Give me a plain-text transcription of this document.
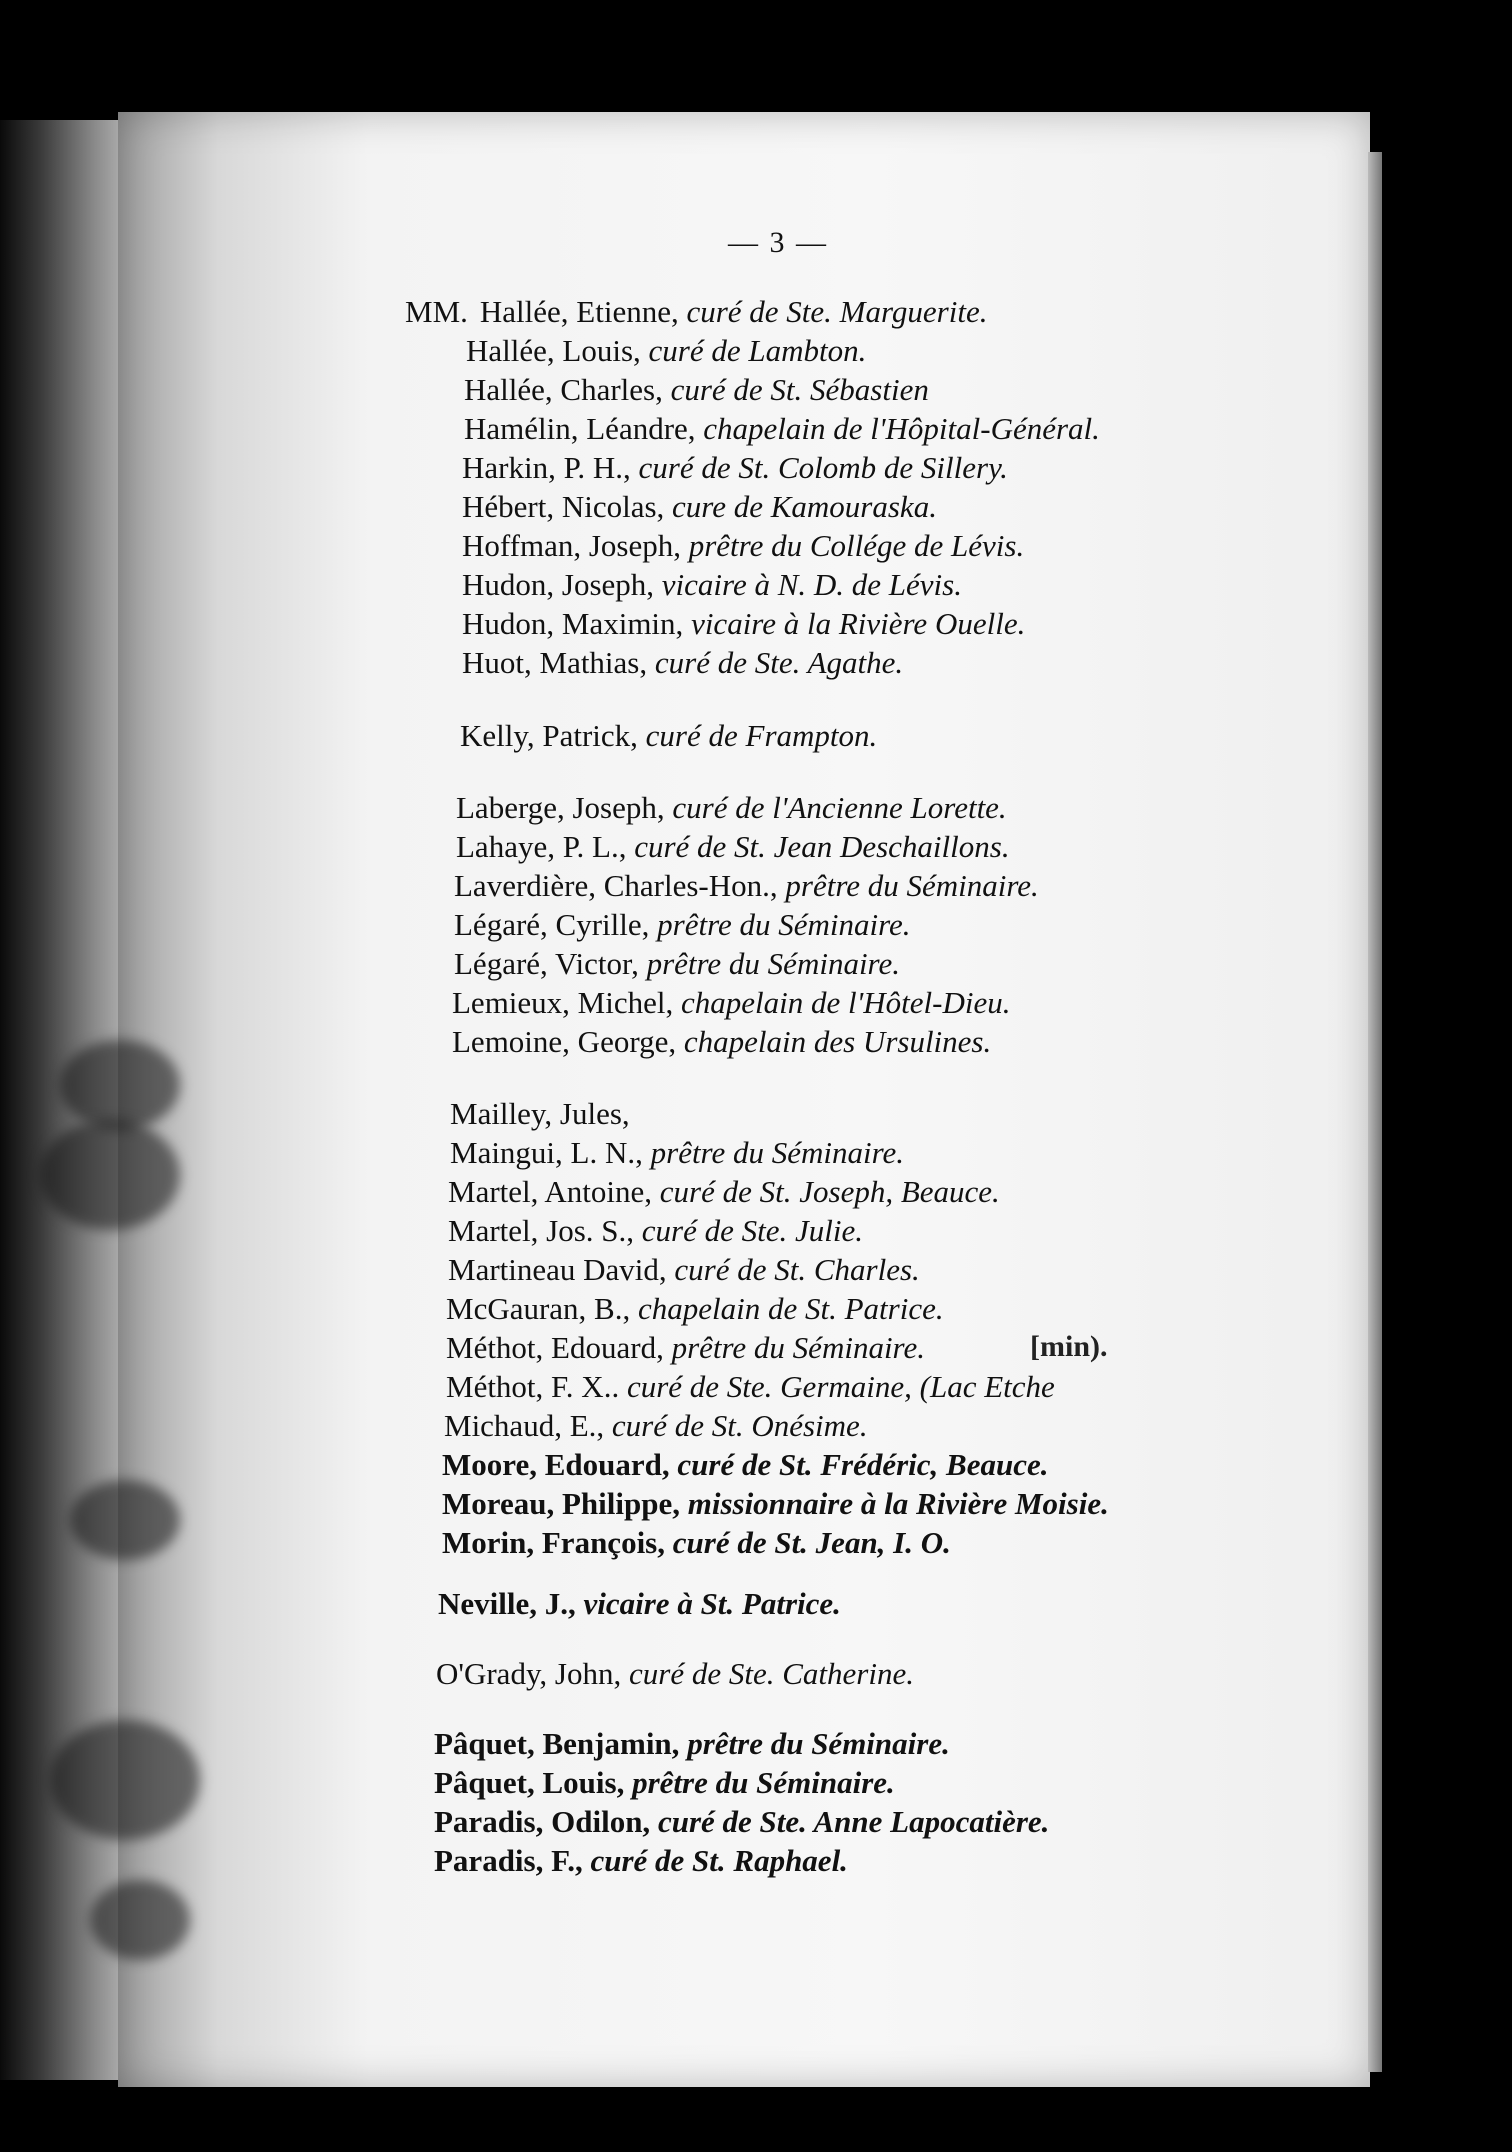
— 3 —
MM. Hallée, Etienne, curé de Ste. Marguerite.
Hallée, Louis, curé de Lambton.
Hallée, Charles, curé de St. Sébastien
Hamélin, Léandre, chapelain de l'Hôpital-Général.
Harkin, P. H., curé de St. Colomb de Sillery.
Hébert, Nicolas, cure de Kamouraska.
Hoffman, Joseph, prêtre du Collége de Lévis.
Hudon, Joseph, vicaire à N. D. de Lévis.
Hudon, Maximin, vicaire à la Rivière Ouelle.
Huot, Mathias, curé de Ste. Agathe.
Kelly, Patrick, curé de Frampton.
Laberge, Joseph, curé de l'Ancienne Lorette.
Lahaye, P. L., curé de St. Jean Deschaillons.
Laverdière, Charles-Hon., prêtre du Séminaire.
Légaré, Cyrille, prêtre du Séminaire.
Légaré, Victor, prêtre du Séminaire.
Lemieux, Michel, chapelain de l'Hôtel-Dieu.
Lemoine, George, chapelain des Ursulines.
Mailley, Jules,
Maingui, L. N., prêtre du Séminaire.
Martel, Antoine, curé de St. Joseph, Beauce.
Martel, Jos. S., curé de Ste. Julie.
Martineau David, curé de St. Charles.
McGauran, B., chapelain de St. Patrice.
Méthot, Edouard, prêtre du Séminaire.
Méthot, F. X.. curé de Ste. Germaine, (Lac Etche
Michaud, E., curé de St. Onésime.
Moore, Edouard, curé de St. Frédéric, Beauce.
Moreau, Philippe, missionnaire à la Rivière Moisie.
Morin, François, curé de St. Jean, I. O.
Neville, J., vicaire à St. Patrice.
O'Grady, John, curé de Ste. Catherine.
Pâquet, Benjamin, prêtre du Séminaire.
Pâquet, Louis, prêtre du Séminaire.
Paradis, Odilon, curé de Ste. Anne Lapocatière.
Paradis, F., curé de St. Raphael.
[min).
